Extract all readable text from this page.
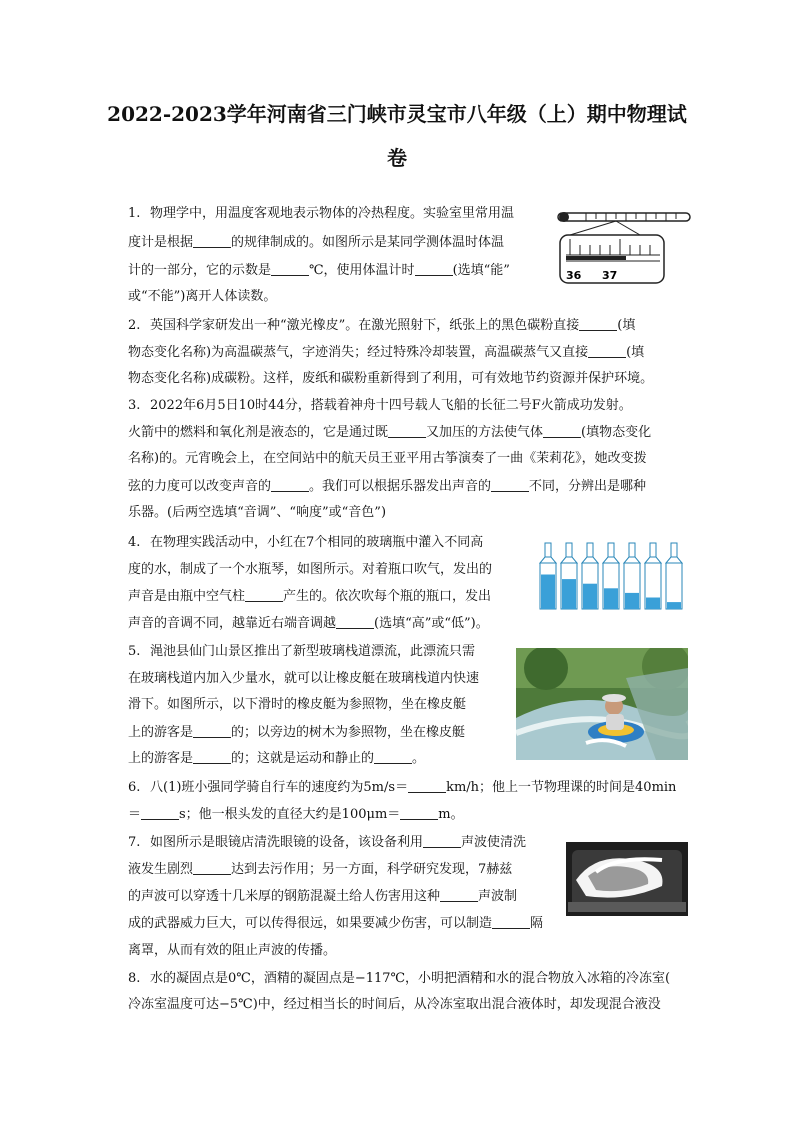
2022-2023学年河南省三门峡市灵宝市八年级（上）期中物理试
卷
1. 物理学中，用温度客观地表示物体的冷热程度。实验室里常用温
度计是根据	的规律制成的。如图所示是某同学测体温时体温
计的一部分，它的示数是	℃，使用体温计时	(选填“能”
或“不能”)离开人体读数。
36 37
2. 英国科学家研发出一种“激光橡皮”。在激光照射下，纸张上的黑色碳粉直接	(填
物态变化名称)为高温碳蒸气，字迹消失；经过特殊冷却装置，高温碳蒸气又直接	(填
物态变化名称)成碳粉。这样，废纸和碳粉重新得到了利用，可有效地节约资源并保护环境。
3. 2022年6月5日10时44分，搭载着神舟十四号载人飞船的长征二号F火箭成功发射。
火箭中的燃料和氧化剂是液态的，它是通过既	又加压的方法使气体	(填物态变化
名称)的。元宵晚会上，在空间站中的航天员王亚平用古筝演奏了一曲《茉莉花》，她改变拨
弦的力度可以改变声音的	。我们可以根据乐器发出声音的	不同，分辨出是哪种
乐器。(后两空选填“音调”、“响度”或“音色”)
4. 在物理实践活动中，小红在7个相同的玻璃瓶中灌入不同高
度的水，制成了一个水瓶琴，如图所示。对着瓶口吹气，发出的
声音是由瓶中空气柱	产生的。依次吹每个瓶的瓶口，发出
声音的音调不同，越靠近右端音调越	(选填“高”或“低”)。
5. 渑池县仙门山景区推出了新型玻璃栈道漂流，此漂流只需
在玻璃栈道内加入少量水，就可以让橡皮艇在玻璃栈道内快速
滑下。如图所示，以下滑时的橡皮艇为参照物，坐在橡皮艇
上的游客是	的；以旁边的树木为参照物，坐在橡皮艇
上的游客是	的；这就是运动和静止的	。
6. 八(1)班小强同学骑自行车的速度约为5m/s＝	km/h；他上一节物理课的时间是40min
＝	s；他一根头发的直径大约是100μm＝	m。
7. 如图所示是眼镜店清洗眼镜的设备，该设备利用	声波使清洗
液发生剧烈	达到去污作用；另一方面，科学研究发现，7赫兹
的声波可以穿透十几米厚的钢筋混凝土给人伤害用这种	声波制
成的武器威力巨大，可以传得很远，如果要减少伤害，可以制造	隔
离罩，从而有效的阻止声波的传播。
8. 水的凝固点是0℃，酒精的凝固点是−117℃，小明把酒精和水的混合物放入冰箱的冷冻室(
冷冻室温度可达−5℃)中，经过相当长的时间后，从冷冻室取出混合液体时，却发现混合液没
